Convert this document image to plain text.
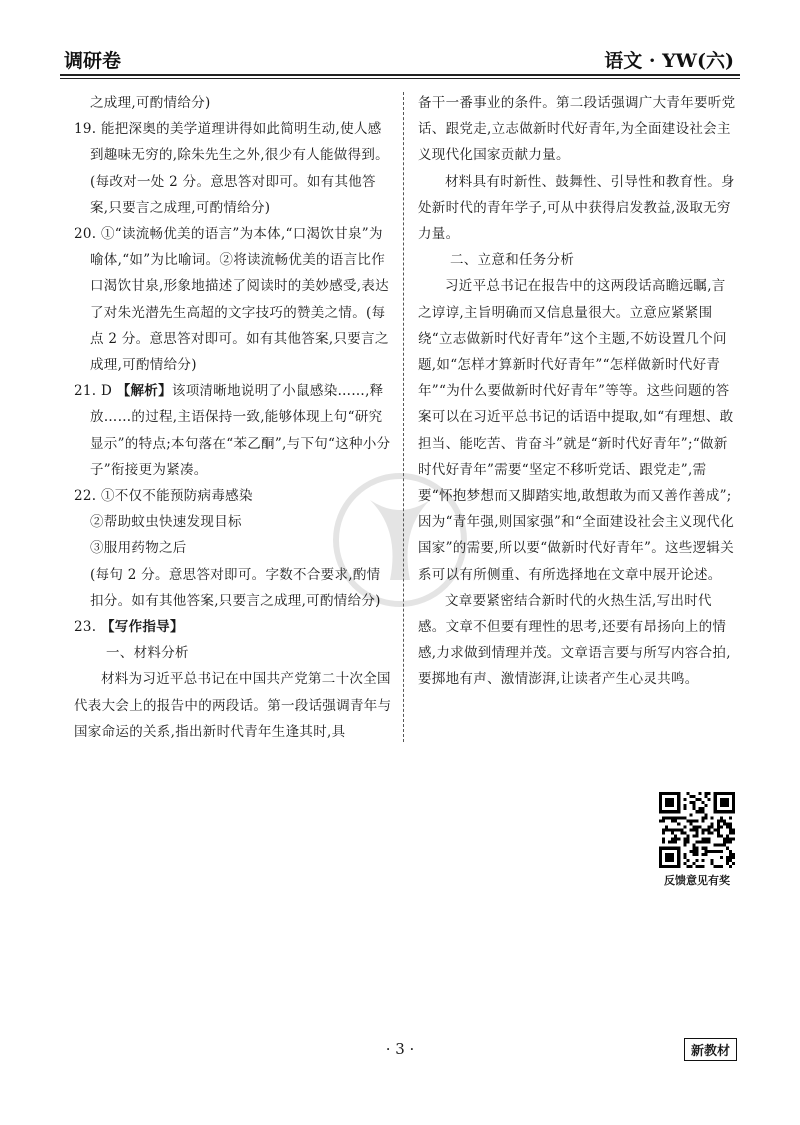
调研卷	语文 · YW(六)

之成理,可酌情给分)

19. 能把深奥的美学道理讲得如此简明生动,使人感到趣味无穷的,除朱先生之外,很少有人能做得到。(每改对一处 2 分。意思答对即可。如有其他答案,只要言之成理,可酌情给分)

20. ①“读流畅优美的语言”为本体,“口渴饮甘泉”为喻体,“如”为比喻词。②将读流畅优美的语言比作口渴饮甘泉,形象地描述了阅读时的美妙感受,表达了对朱光潜先生高超的文字技巧的赞美之情。(每点 2 分。意思答对即可。如有其他答案,只要言之成理,可酌情给分)

21. D 【解析】该项清晰地说明了小鼠感染……,释放……的过程,主语保持一致,能够体现上句“研究显示”的特点;本句落在“苯乙酮”,与下句“这种小分子”衔接更为紧凑。

22. ①不仅不能预防病毒感染

②帮助蚊虫快速发现目标

③服用药物之后

(每句 2 分。意思答对即可。字数不合要求,酌情扣分。如有其他答案,只要言之成理,可酌情给分)

23. 【写作指导】

一、材料分析

材料为习近平总书记在中国共产党第二十次全国代表大会上的报告中的两段话。第一段话强调青年与国家命运的关系,指出新时代青年生逢其时,具

备干一番事业的条件。第二段话强调广大青年要听党话、跟党走,立志做新时代好青年,为全面建设社会主义现代化国家贡献力量。

材料具有时新性、鼓舞性、引导性和教育性。身处新时代的青年学子,可从中获得启发教益,汲取无穷力量。

二、立意和任务分析

习近平总书记在报告中的这两段话高瞻远瞩,言之谆谆,主旨明确而又信息量很大。立意应紧紧围绕“立志做新时代好青年”这个主题,不妨设置几个问题,如“怎样才算新时代好青年”“怎样做新时代好青年”“为什么要做新时代好青年”等等。这些问题的答案可以在习近平总书记的话语中提取,如“有理想、敢担当、能吃苦、肯奋斗”就是“新时代好青年”;“做新时代好青年”需要“坚定不移听党话、跟党走”,需要“怀抱梦想而又脚踏实地,敢想敢为而又善作善成”;因为“青年强,则国家强”和“全面建设社会主义现代化国家”的需要,所以要“做新时代好青年”。这些逻辑关系可以有所侧重、有所选择地在文章中展开论述。

文章要紧密结合新时代的火热生活,写出时代感。文章不但要有理性的思考,还要有昂扬向上的情感,力求做到情理并茂。文章语言要与所写内容合拍,要掷地有声、激情澎湃,让读者产生心灵共鸣。

反馈意见有奖
· 3 ·	新教材
